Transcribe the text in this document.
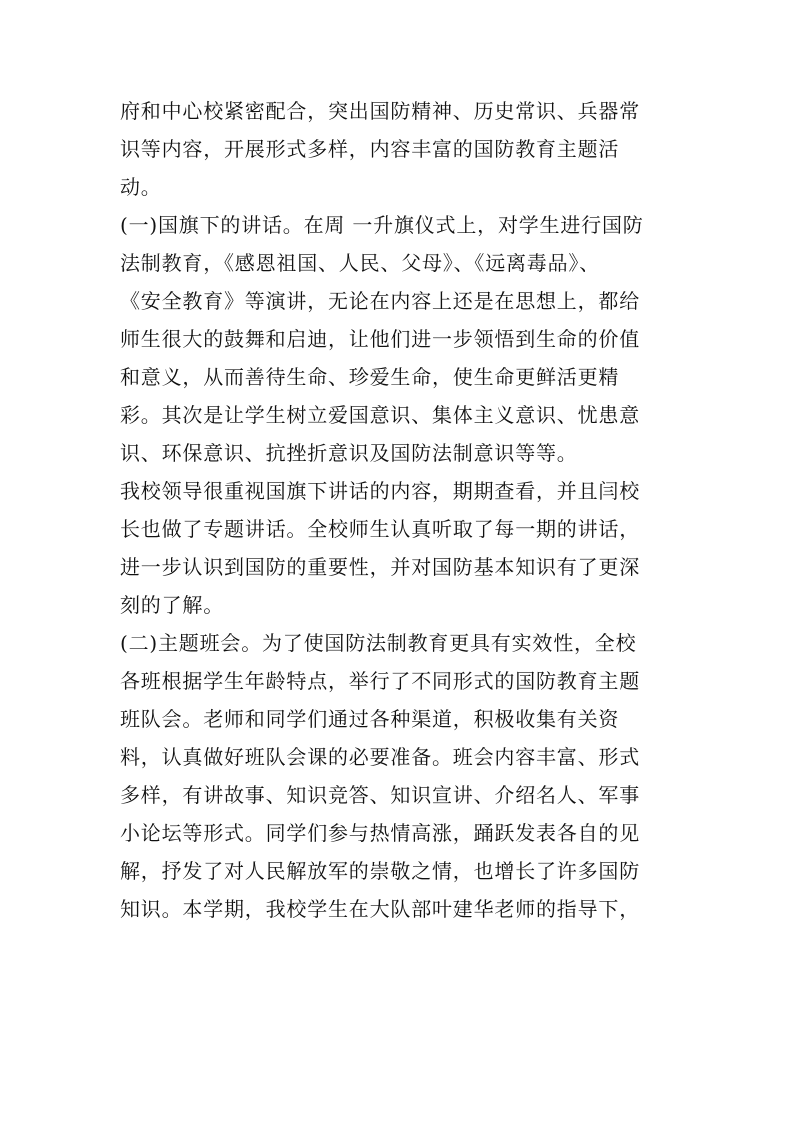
府和中心校紧密配合，突出国防精神、历史常识、兵器常
识等内容，开展形式多样，内容丰富的国防教育主题活
动。
(一)国旗下的讲话。在周 一升旗仪式上，对学生进行国防
法制教育，《感恩祖国、人民、父母》、《远离毒品》、
《安全教育》等演讲，无论在内容上还是在思想上，都给
师生很大的鼓舞和启迪，让他们进一步领悟到生命的价值
和意义，从而善待生命、珍爱生命，使生命更鲜活更精
彩。其次是让学生树立爱国意识、集体主义意识、忧患意
识、环保意识、抗挫折意识及国防法制意识等等。
我校领导很重视国旗下讲话的内容，期期查看，并且闫校
长也做了专题讲话。全校师生认真听取了每一期的讲话，
进一步认识到国防的重要性，并对国防基本知识有了更深
刻的了解。
(二)主题班会。为了使国防法制教育更具有实效性，全校
各班根据学生年龄特点，举行了不同形式的国防教育主题
班队会。老师和同学们通过各种渠道，积极收集有关资
料，认真做好班队会课的必要准备。班会内容丰富、形式
多样，有讲故事、知识竞答、知识宣讲、介绍名人、军事
小论坛等形式。同学们参与热情高涨，踊跃发表各自的见
解，抒发了对人民解放军的崇敬之情，也增长了许多国防
知识。本学期，我校学生在大队部叶建华老师的指导下，
